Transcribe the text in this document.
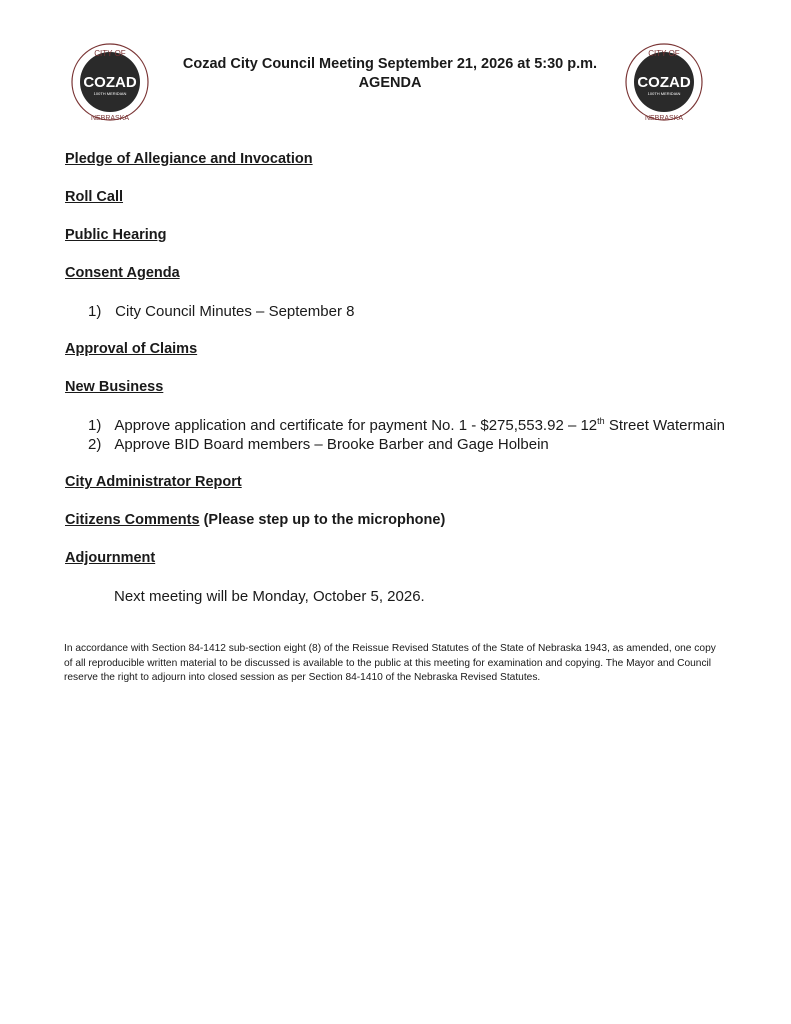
CITY OF
COZAD
100TH MERIDIAN
NEBRASKA
Cozad City Council Meeting September 21, 2026 at 5:30 p.m.
AGENDA
CITY OF
COZAD
100TH MERIDIAN
NEBRASKA
Pledge of Allegiance and Invocation
Roll Call
Public Hearing
Consent Agenda
1) City Council Minutes – September 8
Approval of Claims
New Business
1) Approve application and certificate for payment No. 1 - $275,553.92 – 12th Street Watermain
2) Approve BID Board members – Brooke Barber and Gage Holbein
City Administrator Report
Citizens Comments (Please step up to the microphone)
Adjournment
Next meeting will be Monday, October 5, 2026.
In accordance with Section 84-1412 sub-section eight (8) of the Reissue Revised Statutes of the State of Nebraska 1943, as amended, one copy of all reproducible written material to be discussed is available to the public at this meeting for examination and copying. The Mayor and Council reserve the right to adjourn into closed session as per Section 84-1410 of the Nebraska Revised Statutes.
